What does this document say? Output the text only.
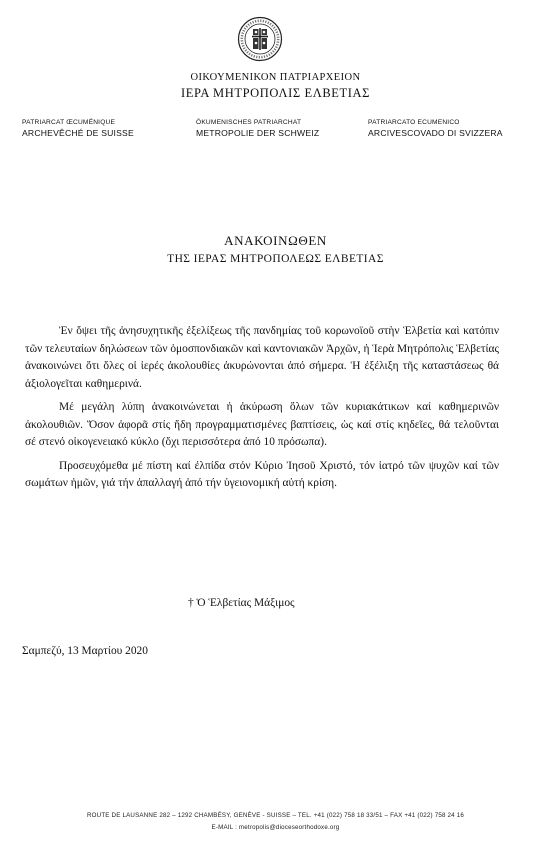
ΟΙΚΟΥΜΕΝΙΚΟΝ ΠΑΤΡΙΑΡΧΕΙΟΝ
ΙΕΡΑ ΜΗΤΡΟΠΟΛΙΣ ΕΛΒΕΤΙΑΣ
PATRIARCAT ŒCUMÉNIQUE
ARCHEVÊCHÉ DE SUISSE
ÖKUMENISCHES PATRIARCHAT
METROPOLIE DER SCHWEIZ
PATRIARCATO ECUMENICO
ARCIVESCOVADO DI SVIZZERA
ΑΝΑΚΟΙΝΩΘΕΝ
ΤΗΣ ΙΕΡΑΣ ΜΗΤΡΟΠΟΛΕΩΣ ΕΛΒΕΤΙΑΣ

Ἐν ὄψει τῆς ἀνησυχητικῆς ἐξελίξεως τῆς πανδημίας τοῦ κορωνοϊοῦ στὴν Ἑλβετία καὶ κατόπιν τῶν τελευταίων δηλώσεων τῶν ὁμοσπονδιακῶν καὶ καντονιακῶν Ἀρχῶν, ἡ Ἱερὰ Μητρόπολις Ἑλβετίας ἀνακοινώνει ὅτι ὅλες οἱ ἱερές ἀκολουθίες ἀκυρώνονται ἀπό σήμερα. Ἡ ἐξέλιξη τῆς καταστάσεως θά ἀξιολογεῖται καθημερινά.

Μέ μεγάλη λύπη ἀνακοινώνεται ἡ ἀκύρωση ὅλων τῶν κυριακάτικων καί καθημερινῶν ἀκολουθιῶν. Ὅσον ἀφορᾶ στίς ἤδη προγραμματισμένες βαπτίσεις, ὡς καί στίς κηδεῖες, θά τελοῦνται σέ στενό οἰκογενειακό κύκλο (ὄχι περισσότερα ἀπό 10 πρόσωπα).

Προσευχόμεθα μέ πίστη καί ἐλπίδα στόν Κύριο Ἰησοῦ Χριστό, τόν ἰατρό τῶν ψυχῶν καί τῶν σωμάτων ἡμῶν, γιά τήν ἀπαλλαγή ἀπό τήν ὑγειονομική αὐτή κρίση.

† Ὁ Ἑλβετίας Μάξιμος
Σαμπεζύ, 13 Μαρτίου 2020
ROUTE DE LAUSANNE 282 – 1292 CHAMBÉSY, GENÈVE - SUISSE – TEL. +41 (022) 758 18 33/51 – FAX +41 (022) 758 24 16
E-MAIL : metropolis@dioceseorthodoxe.org
